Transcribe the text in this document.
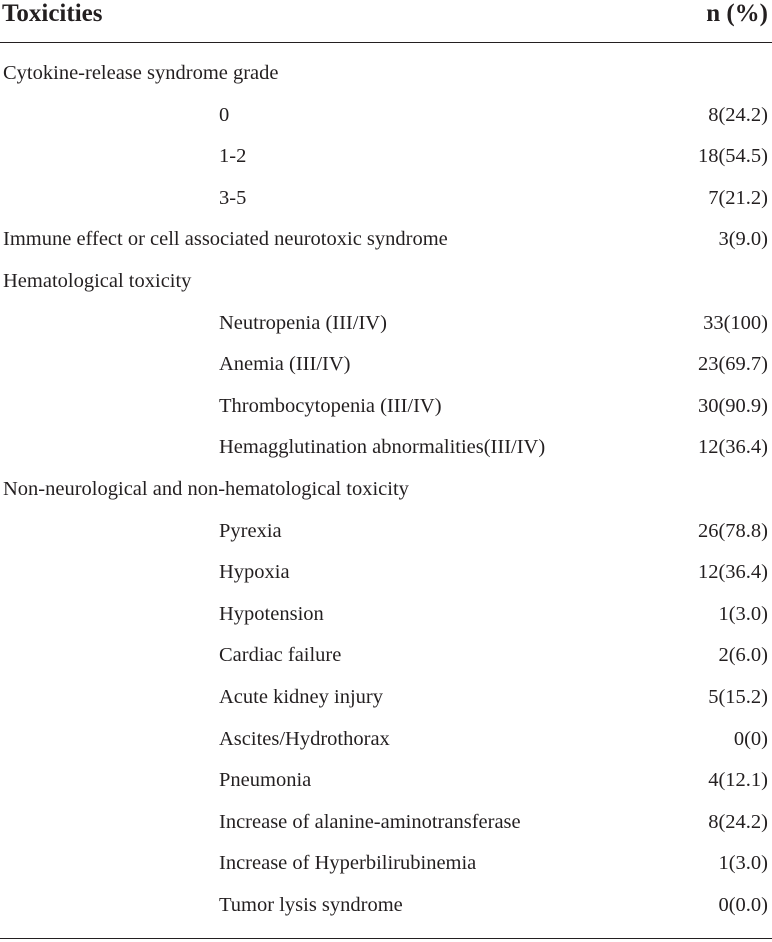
Toxicities	n (%)
Cytokine-release syndrome grade
0	8(24.2)
1-2	18(54.5)
3-5	7(21.2)
Immune effect or cell associated neurotoxic syndrome	3(9.0)
Hematological toxicity
Neutropenia (III/IV)	33(100)
Anemia (III/IV)	23(69.7)
Thrombocytopenia (III/IV)	30(90.9)
Hemagglutination abnormalities(III/IV)	12(36.4)
Non-neurological and non-hematological toxicity
Pyrexia	26(78.8)
Hypoxia	12(36.4)
Hypotension	1(3.0)
Cardiac failure	2(6.0)
Acute kidney injury	5(15.2)
Ascites/Hydrothorax	0(0)
Pneumonia	4(12.1)
Increase of alanine-aminotransferase	8(24.2)
Increase of Hyperbilirubinemia	1(3.0)
Tumor lysis syndrome	0(0.0)
